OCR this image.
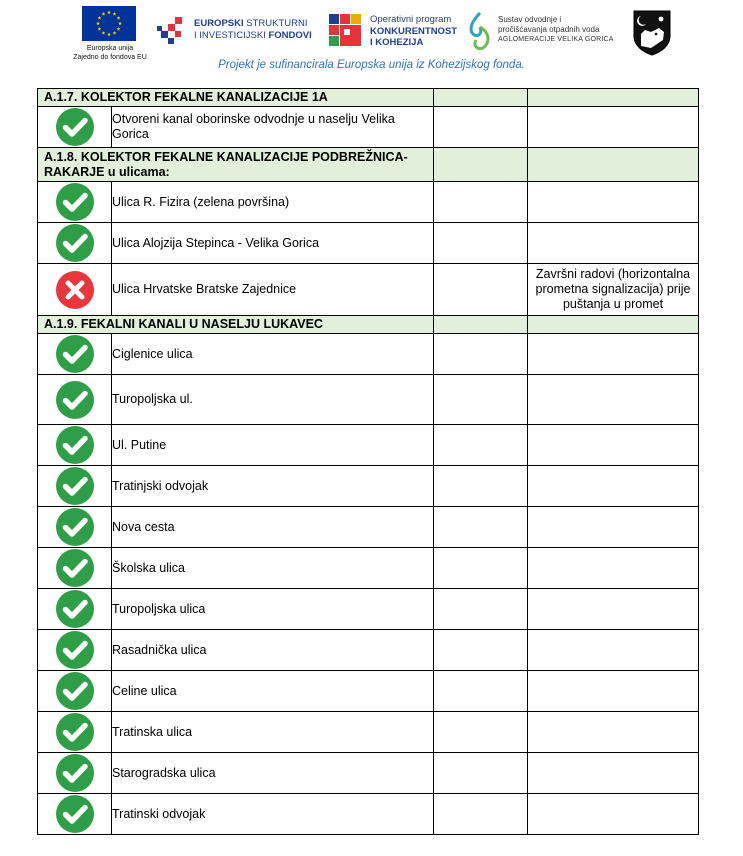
Europska unija
Zajedno do fondova EU
EUROPSKI STRUKTURNI
I INVESTICIJSKI FONDOVI
Operativni program
KONKURENTNOST
I KOHEZIJA
Sustav odvodnje i
pročišćavanja otpadnih voda
AGLOMERACIJE VELIKA GORICA
Projekt je sufinancirala Europska unija iz Kohezijskog fonda.
A.1.7. KOLEKTOR FEKALNE KANALIZACIJE 1A			

	Otvoreni kanal oborinske odvodnje u naselju Velika Gorica		
A.1.8. KOLEKTOR FEKALNE KANALIZACIJE PODBREŽNICA-RAKARJE u ulicama:			

	Ulica R. Fizira (zelena površina)		

	Ulica Alojzija Stepinca - Velika Gorica		

	Ulica Hrvatske Bratske Zajednice		Završni radovi (horizontalna prometna signalizacija) prije puštanja u promet
A.1.9. FEKALNI KANALI U NASELJU LUKAVEC			

	Ciglenice ulica		

	Turopoljska ul.		

	Ul. Putine		

	Tratinjski odvojak		

	Nova cesta		

	Školska ulica		

	Turopoljska ulica		

	Rasadnička ulica		

	Celine ulica		

	Tratinska ulica		

	Starogradska ulica		

	Tratinski odvojak		
